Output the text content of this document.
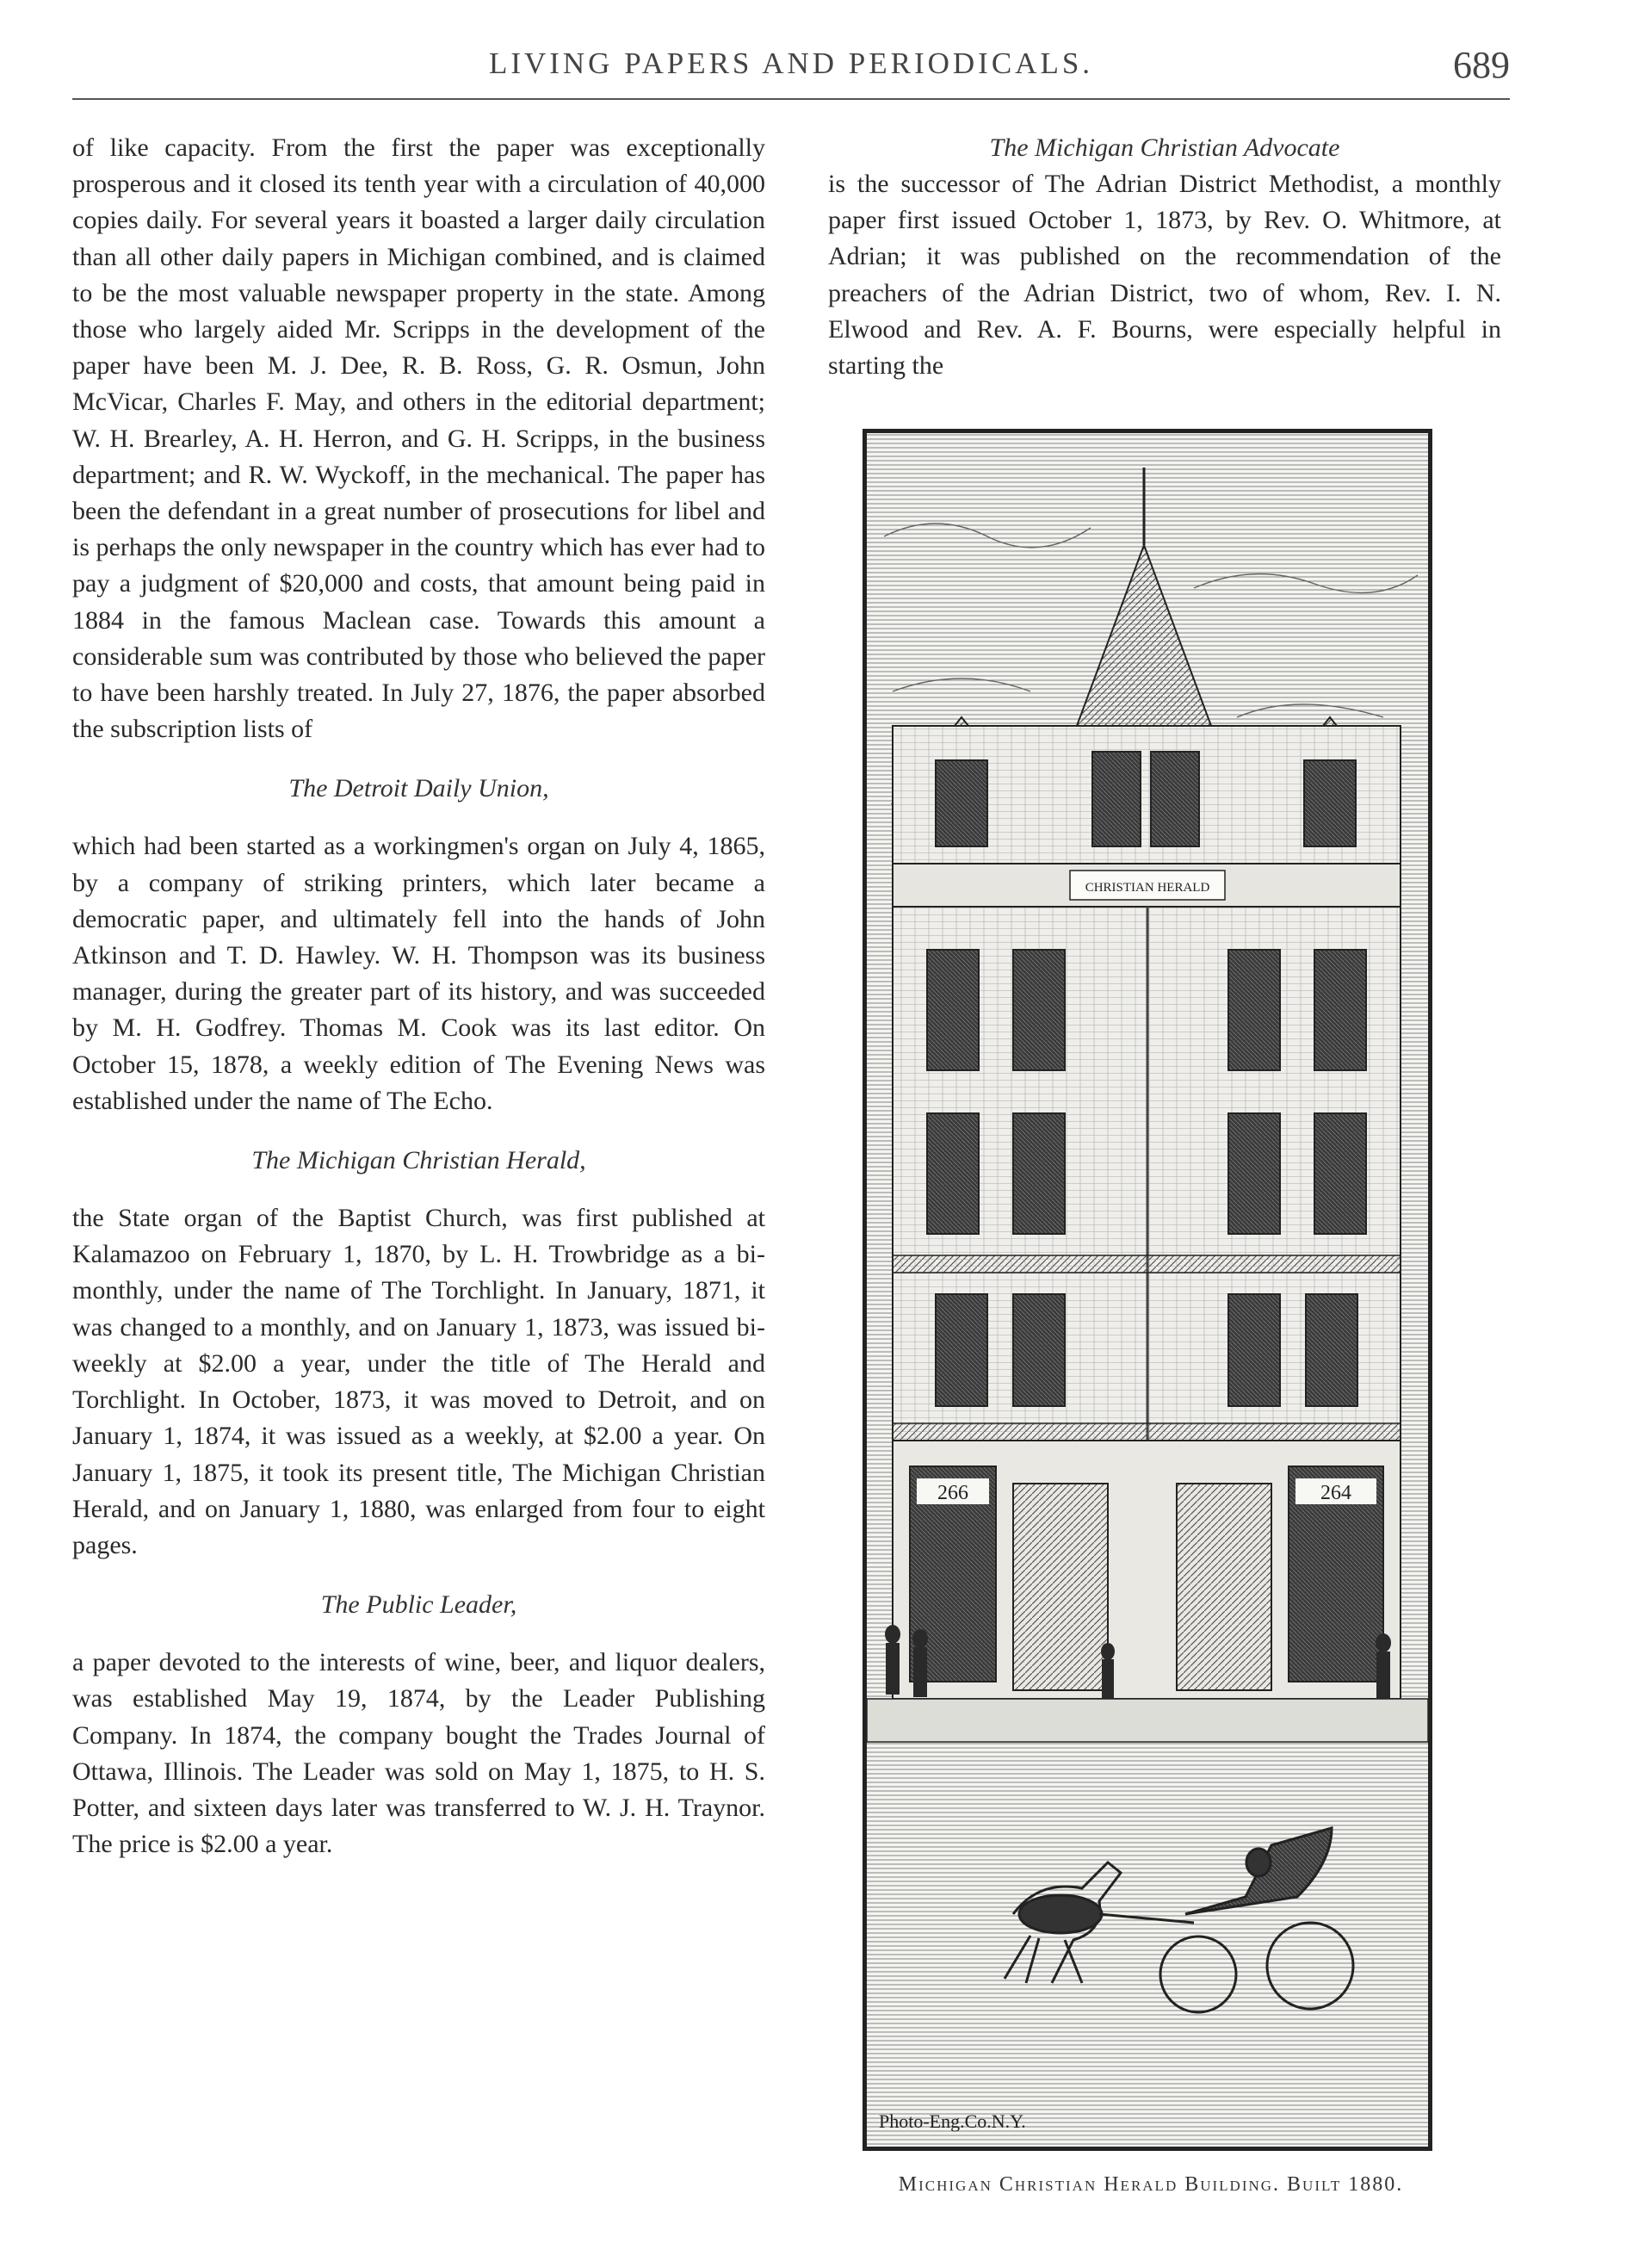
LIVING PAPERS AND PERIODICALS.	689

of like capacity. From the first the paper was exceptionally prosperous and it closed its tenth year with a circulation of 40,000 copies daily. For several years it boasted a larger daily circulation than all other daily papers in Michigan combined, and is claimed to be the most valuable newspaper property in the state. Among those who largely aided Mr. Scripps in the development of the paper have been M. J. Dee, R. B. Ross, G. R. Osmun, John McVicar, Charles F. May, and others in the editorial department; W. H. Brearley, A. H. Herron, and G. H. Scripps, in the business department; and R. W. Wyckoff, in the mechanical. The paper has been the defendant in a great number of prosecutions for libel and is perhaps the only newspaper in the country which has ever had to pay a judgment of $20,000 and costs, that amount being paid in 1884 in the famous Maclean case. Towards this amount a considerable sum was contributed by those who believed the paper to have been harshly treated. In July 27, 1876, the paper absorbed the subscription lists of

The Detroit Daily Union,

which had been started as a workingmen's organ on July 4, 1865, by a company of striking printers, which later became a democratic paper, and ultimately fell into the hands of John Atkinson and T. D. Hawley. W. H. Thompson was its business manager, during the greater part of its history, and was succeeded by M. H. Godfrey. Thomas M. Cook was its last editor. On October 15, 1878, a weekly edition of The Evening News was established under the name of The Echo.

The Michigan Christian Herald,

the State organ of the Baptist Church, was first published at Kalamazoo on February 1, 1870, by L. H. Trowbridge as a bi-monthly, under the name of The Torchlight. In January, 1871, it was changed to a monthly, and on January 1, 1873, was issued bi-weekly at $2.00 a year, under the title of The Herald and Torchlight. In October, 1873, it was moved to Detroit, and on January 1, 1874, it was issued as a weekly, at $2.00 a year. On January 1, 1875, it took its present title, The Michigan Christian Herald, and on January 1, 1880, was enlarged from four to eight pages.

The Public Leader,

a paper devoted to the interests of wine, beer, and liquor dealers, was established May 19, 1874, by the Leader Publishing Company. In 1874, the company bought the Trades Journal of Ottawa, Illinois. The Leader was sold on May 1, 1875, to H. S. Potter, and sixteen days later was transferred to W. J. H. Traynor. The price is $2.00 a year.

The Michigan Christian Advocate

is the successor of The Adrian District Methodist, a monthly paper first issued October 1, 1873, by Rev. O. Whitmore, at Adrian; it was published on the recommendation of the preachers of the Adrian District, two of whom, Rev. I. N. Elwood and Rev. A. F. Bourns, were especially helpful in starting the

CHRISTIAN HERALD
266	264
Photo-Eng.Co.N.Y.
Michigan Christian Herald Building. Built 1880.
